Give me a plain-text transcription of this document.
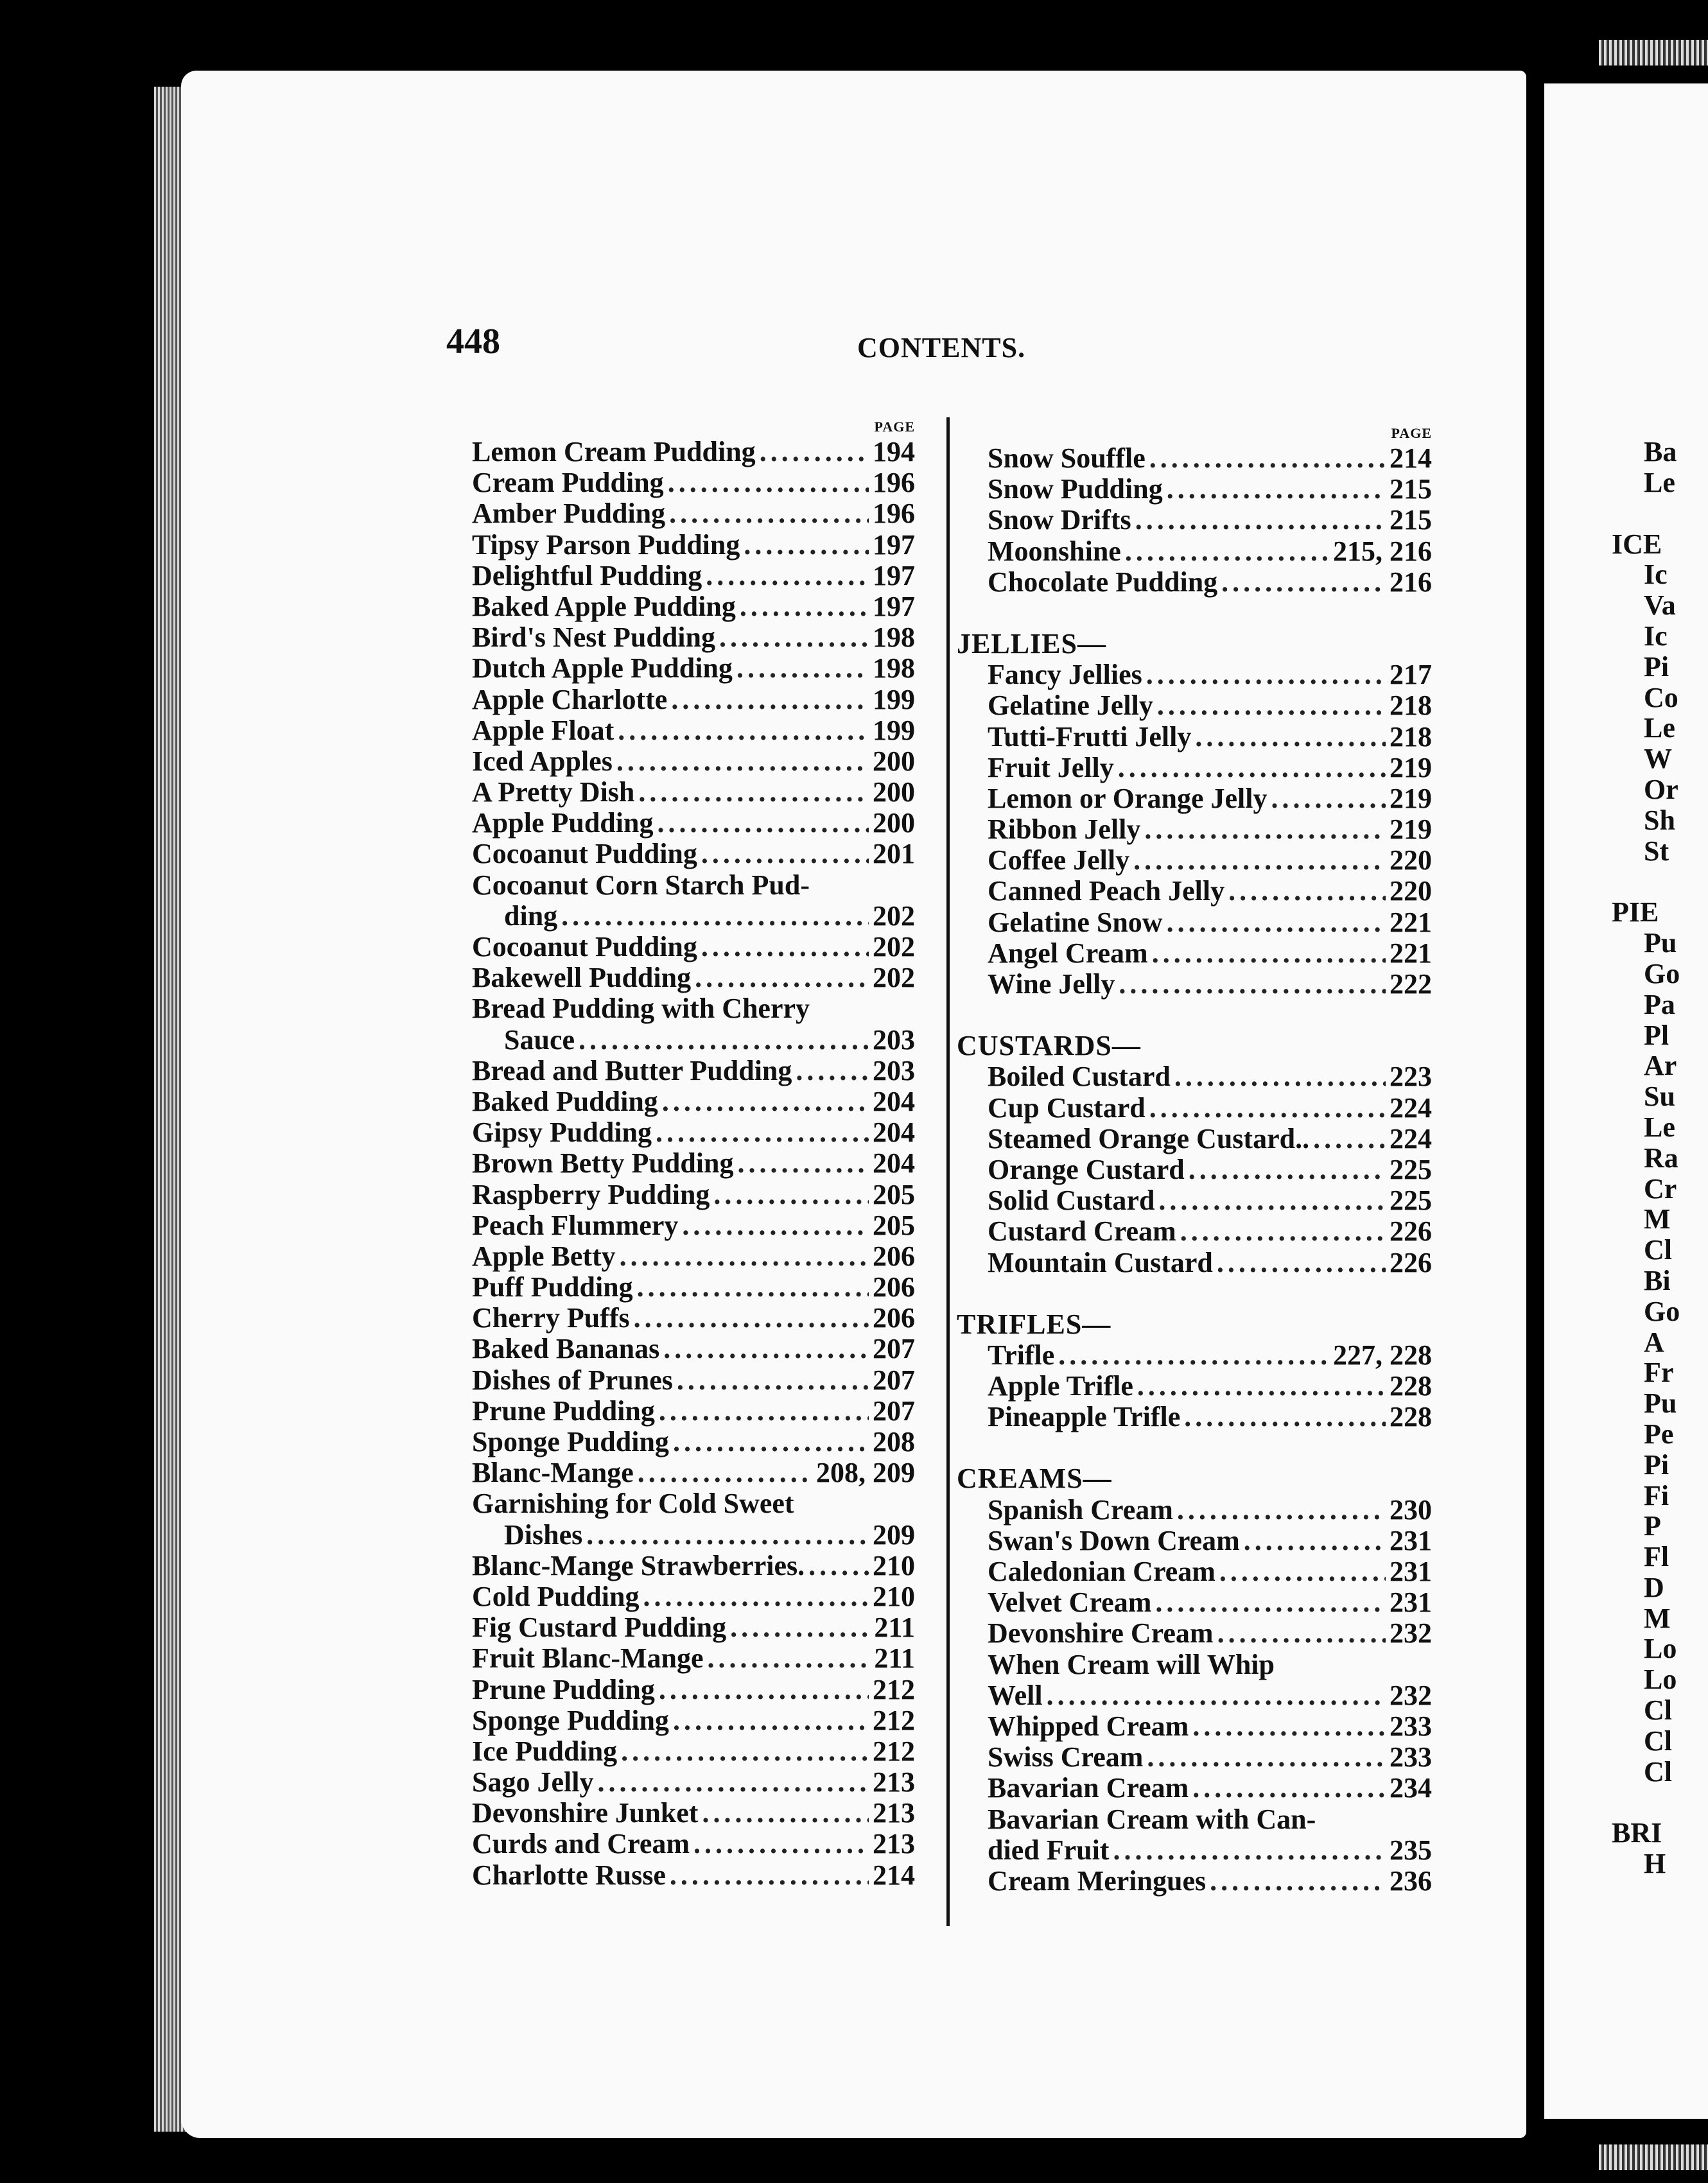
448	CONTENTS.
PAGE
Lemon Cream Pudding .....	194
Cream Pudding .....	196
Amber Pudding .....	196
Tipsy Parson Pudding .....	197
Delightful Pudding .....	197
Baked Apple Pudding .....	197
Bird's Nest Pudding .....	198
Dutch Apple Pudding .....	198
Apple Charlotte .....	199
Apple Float .....	199
Iced Apples .....	200
A Pretty Dish .....	200
Apple Pudding .....	200
Cocoanut Pudding .....	201
Cocoanut Corn Starch Pud-
ding .....	202
Cocoanut Pudding .....	202
Bakewell Pudding .....	202
Bread Pudding with Cherry
Sauce .....	203
Bread and Butter Pudding .....	203
Baked Pudding .....	204
Gipsy Pudding .....	204
Brown Betty Pudding .....	204
Raspberry Pudding .....	205
Peach Flummery .....	205
Apple Betty .....	206
Puff Pudding .....	206
Cherry Puffs .....	206
Baked Bananas .....	207
Dishes of Prunes .....	207
Prune Pudding .....	207
Sponge Pudding .....	208
Blanc-Mange .....	208, 209
Garnishing for Cold Sweet
Dishes .....	209
Blanc-Mange Strawberries. ..... 210
Cold Pudding .....	210
Fig Custard Pudding .....	211
Fruit Blanc-Mange .....	211
Prune Pudding .....	212
Sponge Pudding .....	212
Ice Pudding .....	212
Sago Jelly .....	213
Devonshire Junket .....	213
Curds and Cream .....	213
Charlotte Russe .....	214
PAGE
Snow Souffle .....	214
Snow Pudding .....	215
Snow Drifts .....	215
Moonshine .....	215, 216
Chocolate Pudding .....	216
JELLIES—
Fancy Jellies .....	217
Gelatine Jelly .....	218
Tutti-Frutti Jelly .....	218
Fruit Jelly .....	219
Lemon or Orange Jelly .....	219
Ribbon Jelly .....	219
Coffee Jelly .....	220
Canned Peach Jelly .....	220
Gelatine Snow .....	221
Angel Cream .....	221
Wine Jelly .....	222
CUSTARDS—
Boiled Custard .....	223
Cup Custard .....	224
Steamed Orange Custard.. .....	224
Orange Custard .....	225
Solid Custard .....	225
Custard Cream .....	226
Mountain Custard .....	226
TRIFLES—
Trifle .....	227, 228
Apple Trifle .....	228
Pineapple Trifle .....	228
CREAMS—
Spanish Cream .....	230
Swan's Down Cream .....	231
Caledonian Cream .....	231
Velvet Cream .....	231
Devonshire Cream .....	232
When Cream will Whip
Well .....	232
Whipped Cream .....	233
Swiss Cream .....	233
Bavarian Cream .....	234
Bavarian Cream with Can-
died Fruit .....	235
Cream Meringues .....	236
Ba
Le
ICE
Ic
Va
Ic
Pi
Co
Le
W
Or
Sh
St
PIE
Pu
Go
Pa
Pl
Ar
Su
Le
Ra
Cr
M
Cl
Bi
Go
A
Fr
Pu
Pe
Pi
Fi
P
Fl
D
M
Lo
Lo
Cl
Cl
Cl
BRI
H
